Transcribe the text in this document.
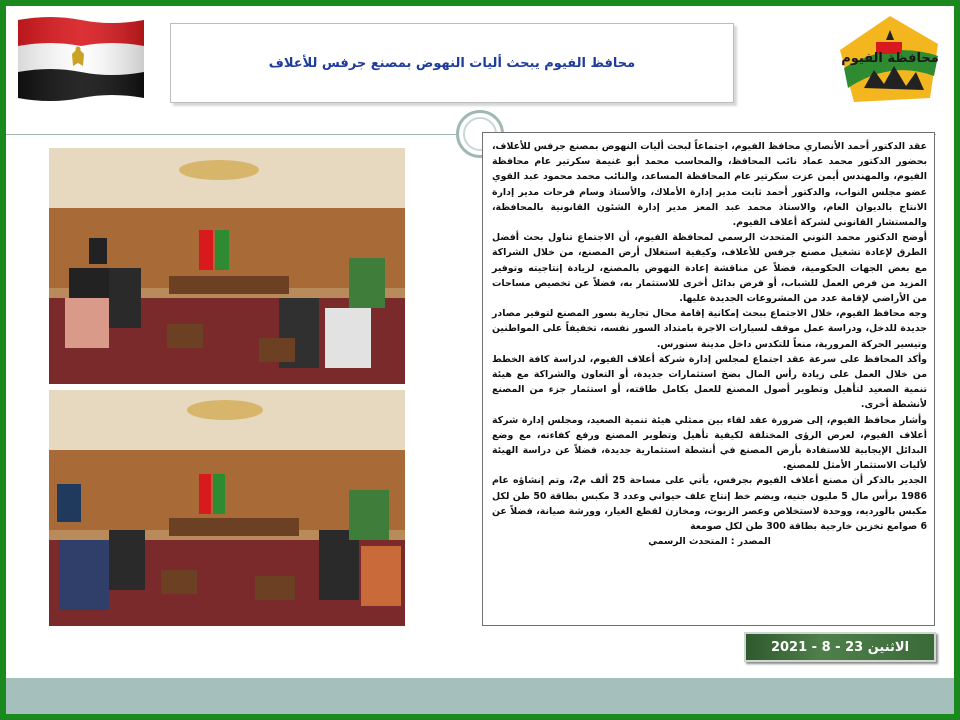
محافظة الفيوم
محافظ الفيوم يبحث أليات النهوض بمصنع جرفس للأعلاف

عقد الدكتور أحمد الأنصاري محافظ الفيوم، اجتماعاً لبحث أليات النهوض بمصنع جرفس للأعلاف، بحضور الدكتور محمد عماد نائب المحافظ، والمحاسب محمد أبو غنيمة سكرتير عام محافظة الفيوم، والمهندس أيمن عزت سكرتير عام المحافظة المساعد، والنائب محمد محمود عبد القوي عضو مجلس النواب، والدكتور أحمد ثابت مدير إدارة الأملاك، والأستاذ وسام فرحات مدير إدارة الانتاج بالديوان العام، والاستاذ محمد عبد المعز مدير إدارة الشئون القانونية بالمحافظة، والمستشار القانوني لشركة أعلاف الفيوم.

أوضح الدكتور محمد التوني المتحدث الرسمي لمحافظة الفيوم، أن الاجتماع تناول بحث أفضل الطرق لإعادة تشغيل مصنع جرفس للأعلاف، وكيفية استغلال أرض المصنع، من خلال الشراكة مع بعض الجهات الحكومية، فضلاً عن مناقشة إعادة النهوض بالمصنع، لزيادة إنتاجيته وتوفير المزيد من فرص العمل للشباب، أو فرض بدائل أخرى للاستثمار به، فضلاً عن تخصيص مساحات من الأراضي لإقامة عدد من المشروعات الجديدة عليها.

وجه محافظ الفيوم، خلال الاجتماع ببحث إمكانية إقامة محال تجارية بسور المصنع لتوفير مصادر جديدة للدخل، ودراسة عمل موقف لسيارات الاجرة بامتداد السور نفسه، تخفيفاً على المواطنين وتيسير الحركة المرورية، منعاً للتكدس داخل مدينة سنورس.

وأكد المحافظ على سرعة عقد اجتماع لمجلس إدارة شركة أعلاف الفيوم، لدراسة كافة الخطط من خلال العمل على زيادة رأس المال بضخ استثمارات جديدة، أو التعاون والشراكة مع هيئة تنمية الصعيد لتأهيل وتطوير أصول المصنع للعمل بكامل طاقته، أو استثمار جزء من المصنع لأنشطة أخرى.

وأشار محافظ الفيوم، إلى ضرورة عقد لقاء بين ممثلي هيئة تنمية الصعيد، ومجلس إدارة شركة أعلاف الفيوم، لعرض الرؤى المختلفة لكيفية تأهيل وتطوير المصنع ورفع كفاءته، مع وضع البدائل الإيجابية للاستفادة بأرض المصنع في أنشطة استثمارية جديدة، فضلاً عن دراسة الهيئة لأليات الاستثمار الأمثل للمصنع.

الجدير بالذكر أن مصنع أعلاف الفيوم بجرفس، يأتي على مساحة 25 ألف م2، وتم إنشاؤه عام 1986 برأس مال 5 مليون جنيه، ويضم خط إنتاج علف حيواني وعدد 3 مكبس بطاقة 50 طن لكل مكبس بالورديه، ووحدة لاستخلاص وعصر الزيوت، ومخازن لقطع الغيار، وورشة صيانة، فضلاً عن 6 صوامع تخزين خارجية بطاقة 300 طن لكل صومعة

المصدر : المتحدث الرسمي
الاثنين 23 - 8 - 2021
